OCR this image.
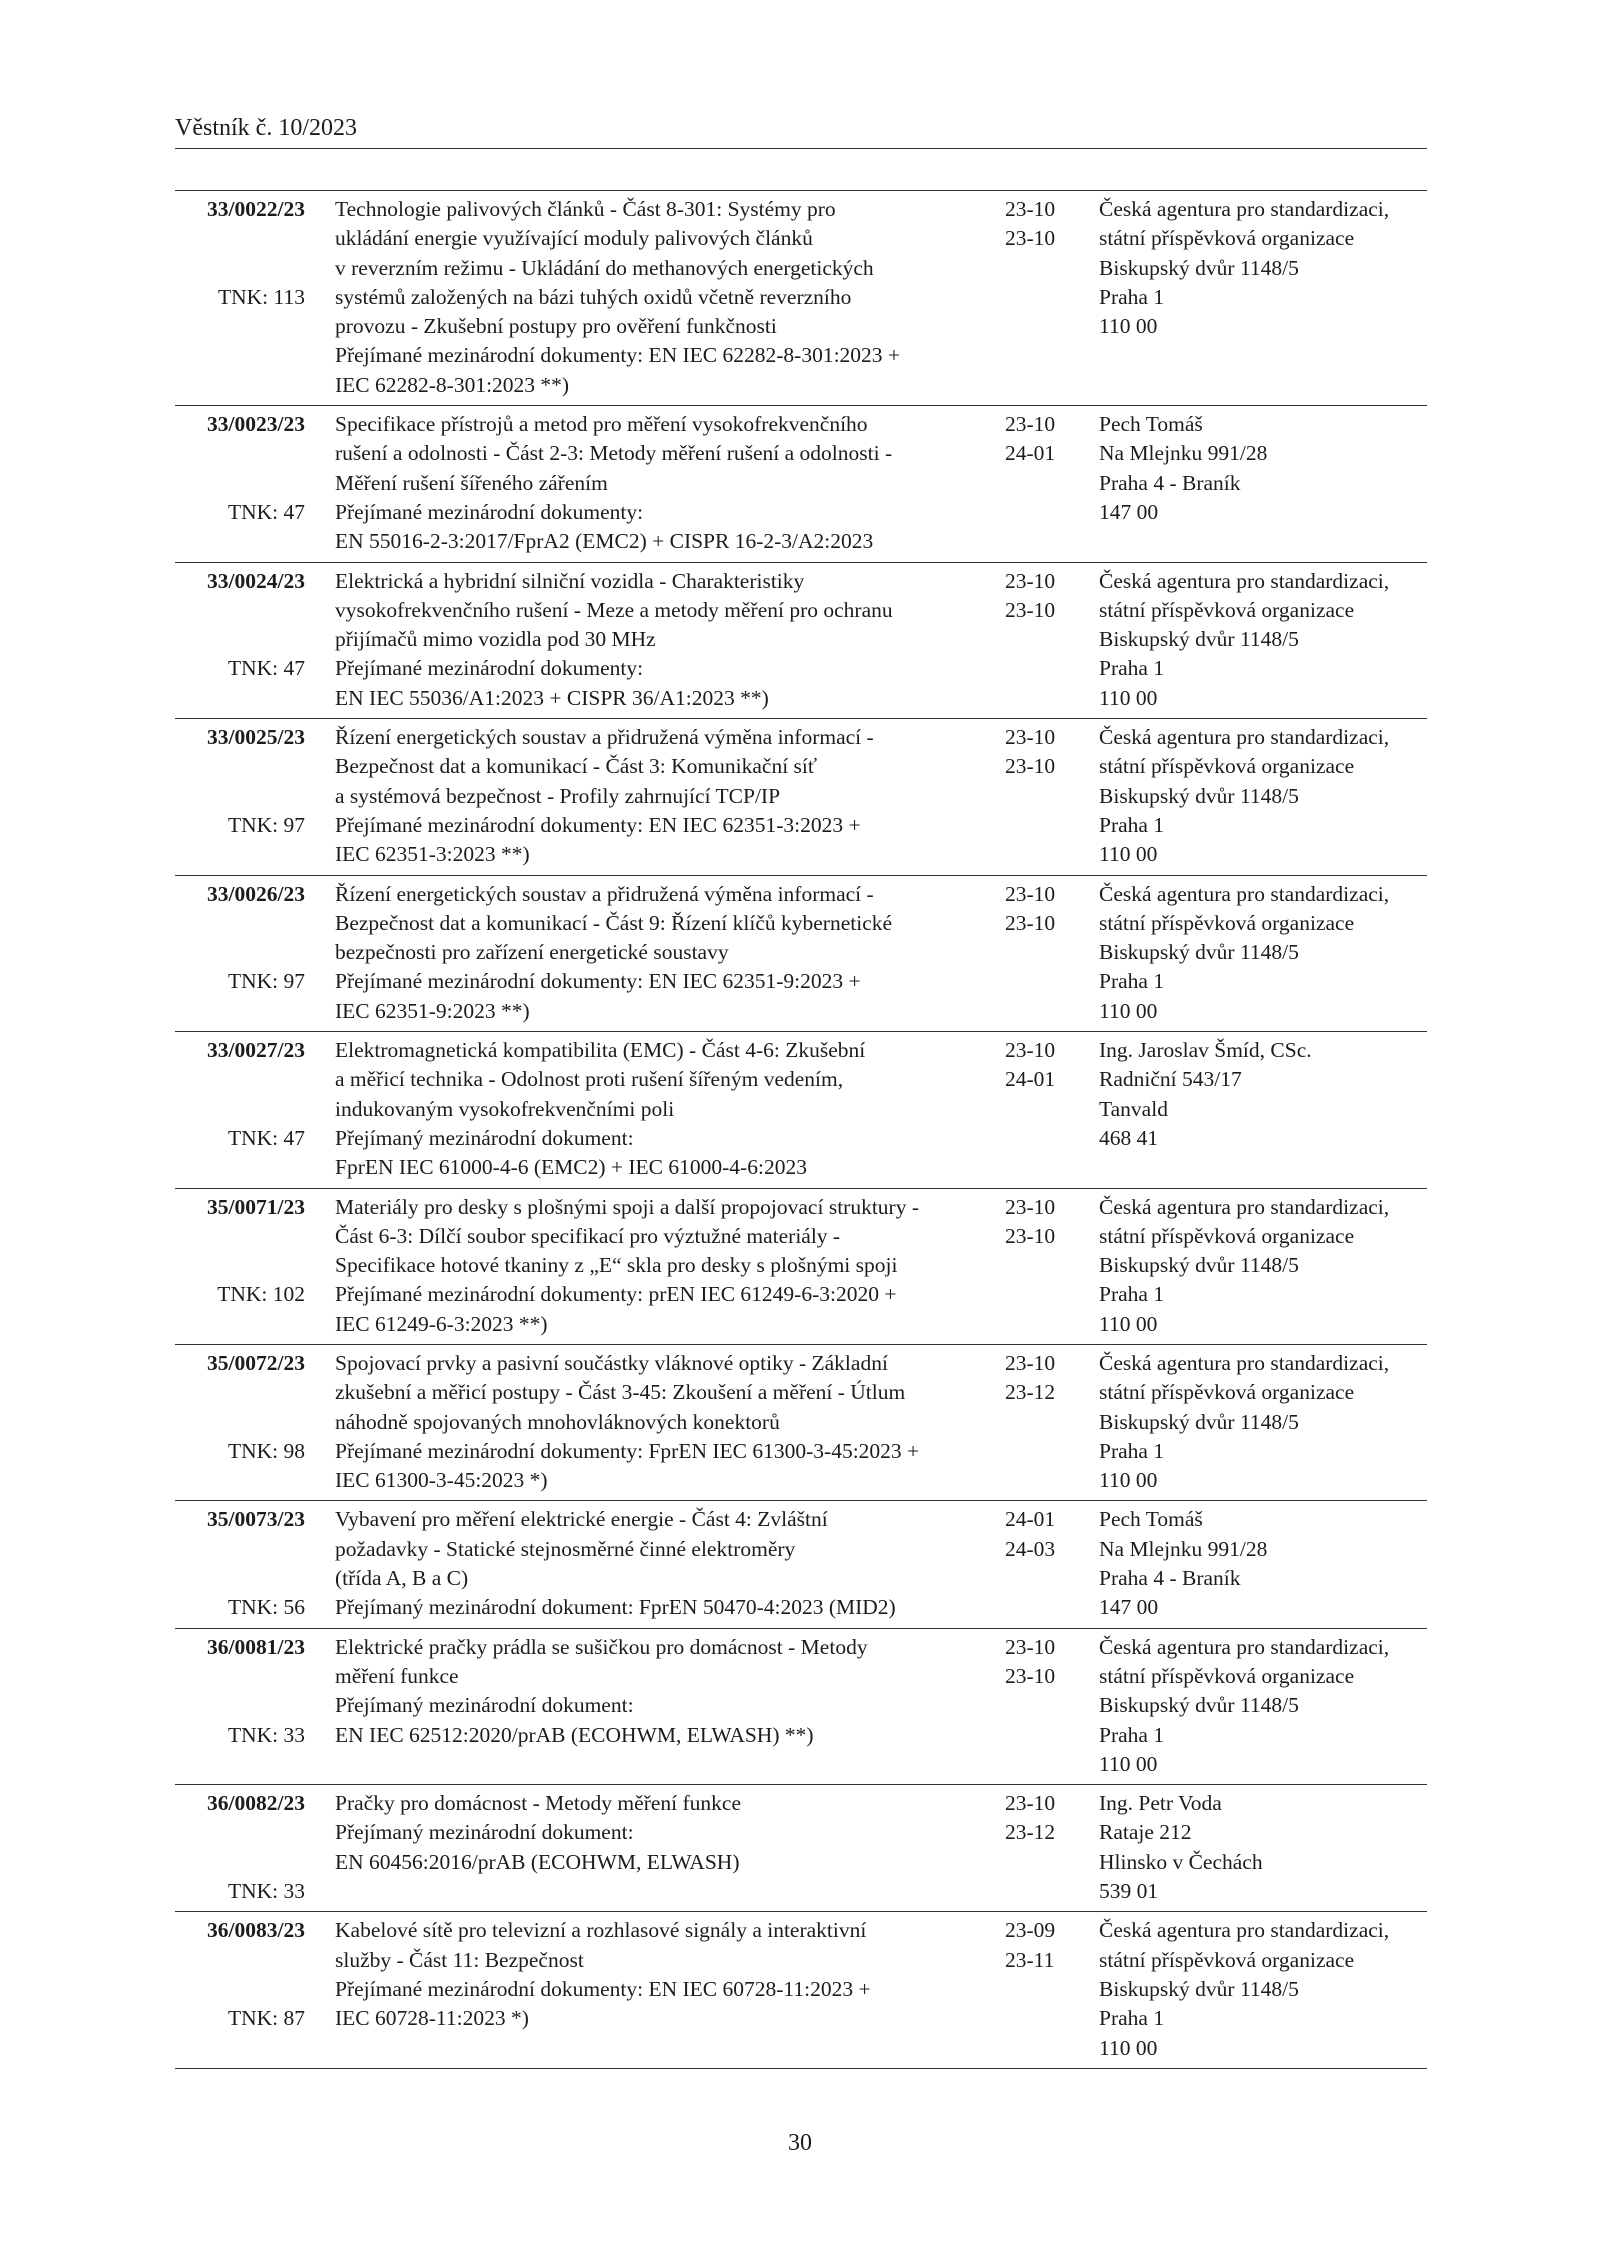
Věstník č. 10/2023
33/0022/23 Technologie palivových článků - Část 8-301: Systémy pro
ukládání energie využívající moduly palivových článků
v reverzním režimu - Ukládání do methanových energetických
systémů založených na bázi tuhých oxidů včetně reverzního
provozu - Zkušební postupy pro ověření funkčnosti
Přejímané mezinárodní dokumenty: EN IEC 62282-8-301:2023 +
IEC 62282-8-301:2023 **)
TNK: 113
23-10
23-10
Česká agentura pro standardizaci,
státní příspěvková organizace
Biskupský dvůr 1148/5
Praha 1
110 00
33/0023/23 Specifikace přístrojů a metod pro měření vysokofrekvenčního
rušení a odolnosti - Část 2-3: Metody měření rušení a odolnosti -
Měření rušení šířeného zářením
Přejímané mezinárodní dokumenty:
EN 55016-2-3:2017/FprA2 (EMC2) + CISPR 16-2-3/A2:2023
TNK: 47
23-10
24-01
Pech Tomáš
Na Mlejnku 991/28
Praha 4 - Braník
147 00
33/0024/23 Elektrická a hybridní silniční vozidla - Charakteristiky
vysokofrekvenčního rušení - Meze a metody měření pro ochranu
přijímačů mimo vozidla pod 30 MHz
Přejímané mezinárodní dokumenty:
EN IEC 55036/A1:2023 + CISPR 36/A1:2023 **)
TNK: 47
23-10
23-10
Česká agentura pro standardizaci,
státní příspěvková organizace
Biskupský dvůr 1148/5
Praha 1
110 00
33/0025/23 Řízení energetických soustav a přidružená výměna informací -
Bezpečnost dat a komunikací - Část 3: Komunikační síť
a systémová bezpečnost - Profily zahrnující TCP/IP
Přejímané mezinárodní dokumenty: EN IEC 62351-3:2023 +
IEC 62351-3:2023 **)
TNK: 97
23-10
23-10
Česká agentura pro standardizaci,
státní příspěvková organizace
Biskupský dvůr 1148/5
Praha 1
110 00
33/0026/23 Řízení energetických soustav a přidružená výměna informací -
Bezpečnost dat a komunikací - Část 9: Řízení klíčů kybernetické
bezpečnosti pro zařízení energetické soustavy
Přejímané mezinárodní dokumenty: EN IEC 62351-9:2023 +
IEC 62351-9:2023 **)
TNK: 97
23-10
23-10
Česká agentura pro standardizaci,
státní příspěvková organizace
Biskupský dvůr 1148/5
Praha 1
110 00
33/0027/23 Elektromagnetická kompatibilita (EMC) - Část 4-6: Zkušební
a měřicí technika - Odolnost proti rušení šířeným vedením,
indukovaným vysokofrekvenčními poli
Přejímaný mezinárodní dokument:
FprEN IEC 61000-4-6 (EMC2) + IEC 61000-4-6:2023
TNK: 47
23-10
24-01
Ing. Jaroslav Šmíd, CSc.
Radniční 543/17
Tanvald
468 41
35/0071/23 Materiály pro desky s plošnými spoji a další propojovací struktury -
Část 6-3: Dílčí soubor specifikací pro výztužné materiály -
Specifikace hotové tkaniny z „E“ skla pro desky s plošnými spoji
Přejímané mezinárodní dokumenty: prEN IEC 61249-6-3:2020 +
IEC 61249-6-3:2023 **)
TNK: 102
23-10
23-10
Česká agentura pro standardizaci,
státní příspěvková organizace
Biskupský dvůr 1148/5
Praha 1
110 00
35/0072/23 Spojovací prvky a pasivní součástky vláknové optiky - Základní
zkušební a měřicí postupy - Část 3-45: Zkoušení a měření - Útlum
náhodně spojovaných mnohovláknových konektorů
Přejímané mezinárodní dokumenty: FprEN IEC 61300-3-45:2023 +
IEC 61300-3-45:2023 *)
TNK: 98
23-10
23-12
Česká agentura pro standardizaci,
státní příspěvková organizace
Biskupský dvůr 1148/5
Praha 1
110 00
35/0073/23 Vybavení pro měření elektrické energie - Část 4: Zvláštní
požadavky - Statické stejnosměrné činné elektroměry
(třída A, B a C)
Přejímaný mezinárodní dokument: FprEN 50470-4:2023 (MID2)
TNK: 56
24-01
24-03
Pech Tomáš
Na Mlejnku 991/28
Praha 4 - Braník
147 00
36/0081/23 Elektrické pračky prádla se sušičkou pro domácnost - Metody
měření funkce
Přejímaný mezinárodní dokument:
EN IEC 62512:2020/prAB (ECOHWM, ELWASH) **)

TNK: 33
23-10
23-10
Česká agentura pro standardizaci,
státní příspěvková organizace
Biskupský dvůr 1148/5
Praha 1
110 00
36/0082/23 Pračky pro domácnost - Metody měření funkce
Přejímaný mezinárodní dokument:
EN 60456:2016/prAB (ECOHWM, ELWASH)

TNK: 33
23-10
23-12
Ing. Petr Voda
Rataje 212
Hlinsko v Čechách
539 01
36/0083/23 Kabelové sítě pro televizní a rozhlasové signály a interaktivní
služby - Část 11: Bezpečnost
Přejímané mezinárodní dokumenty: EN IEC 60728-11:2023 +
IEC 60728-11:2023 *)

TNK: 87
23-09
23-11
Česká agentura pro standardizaci,
státní příspěvková organizace
Biskupský dvůr 1148/5
Praha 1
110 00
30
